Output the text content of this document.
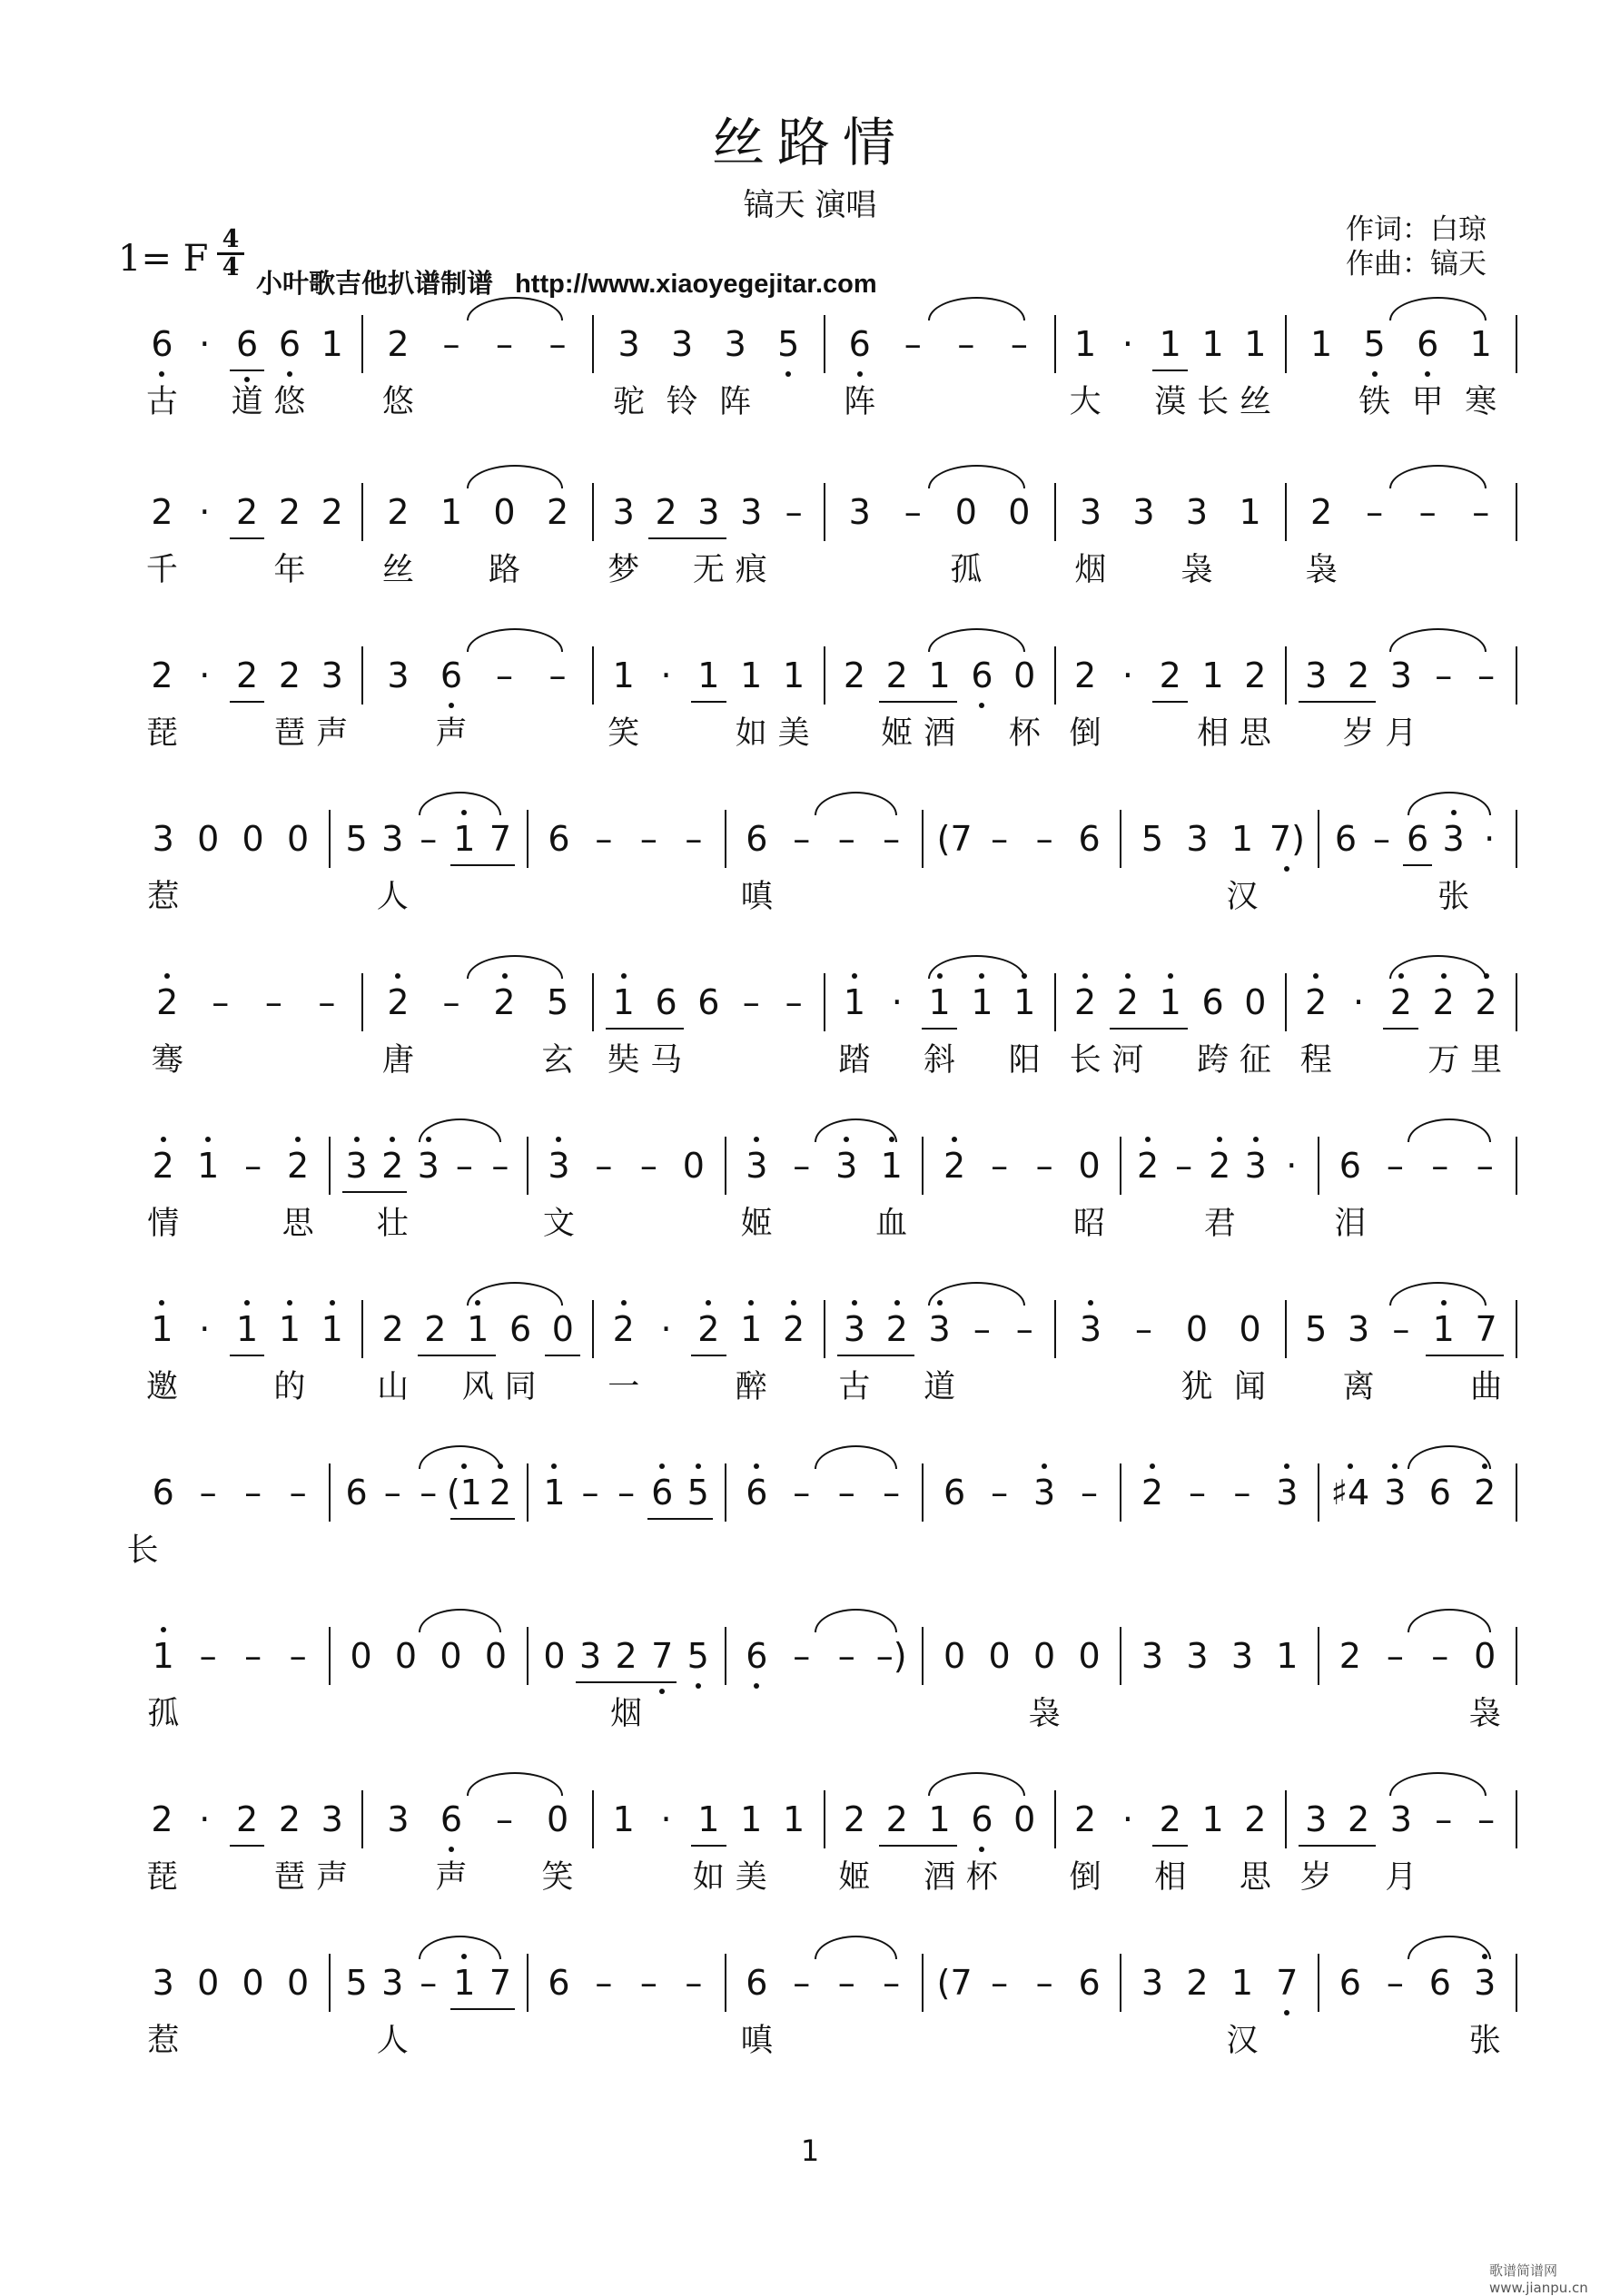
丝路情
镐天 演唱
作词：白琼
作曲：镐天
1= F 4
4
小叶歌吉他扒谱制谱 http://www.xiaoyegejitar.com
6 · 6 6 1	2 –	–	–	3 3 3 5	6 –	–	–	1 · 1 1 1	1 5 6 1
古 道 悠 悠	驼 铃 阵	阵	大 漠 长 丝	铁 甲 寒
2 · 2 2 2	2 1 0 2	3 2 3 3 –	3 – 0 0	3 3 3 1	2 –	–	–
千	年 丝 路	梦 无 痕	孤	烟 袅	袅
2 · 2 2 3	3 6 –	–	1 · 1 1 1 2 2 1 6 0 2 · 2 1 2 3 2 3 – –
琵	琶 声	声	笑	如 美 姬 酒 杯 倒	相 思 岁 月
3 0 0 0	5 3 – 1 7	6 – – –	6 – – –	(7 – – 6	5 3 1 7) 6 – 6 3 ·
惹	人	嗔	汉	张
2 –	–	–	2 – 2 5	1 6 6 – –	1 · 1 1 1 2 2 1 6 0 2 · 2 2 2
骞	唐	玄 奘 马	踏 斜 阳 长 河 跨 征 程	万 里
2 1 – 2	3 2 3 – –	3 – – 0	3 – 3 1	2 – – 0	2 – 2 3 ·	6 – – –
情	思 壮	文	姬	血	昭	君	泪
1 · 1 1 1 2 2 1 6 0 2 · 2 1 2 3 2 3 – –	3 – 0 0	5 3 – 1 7
邀	的 山 风 同 一	醉 古 道	犹 闻 离	曲
6 – – –	6 – – (1 2 1 – – 6 5	6 – – –	6 – 3 –	2 – – 3 ♯4 3 6 2
长
1 – – –	0 0 0 0	0 3 2 7 5	6 – – –)	0 0 0 0	3 3 3 1	2 – – 0
孤	烟	袅	袅
2 · 2 2 3	3 6 – 0	1 · 1 1 1 2 2 1 6 0 2 · 2 1 2 3 2 3 – –
琵	琶 声	声 笑	如 美 姬 酒 杯 倒 相 思 岁 月
3 0 0 0	5 3 – 1 7	6 – – –	6 – – –	(7 – – 6	3 2 1 7	6 – 6 3
惹	人	嗔	汉	张
1
歌谱简谱网 www.jianpu.cn
